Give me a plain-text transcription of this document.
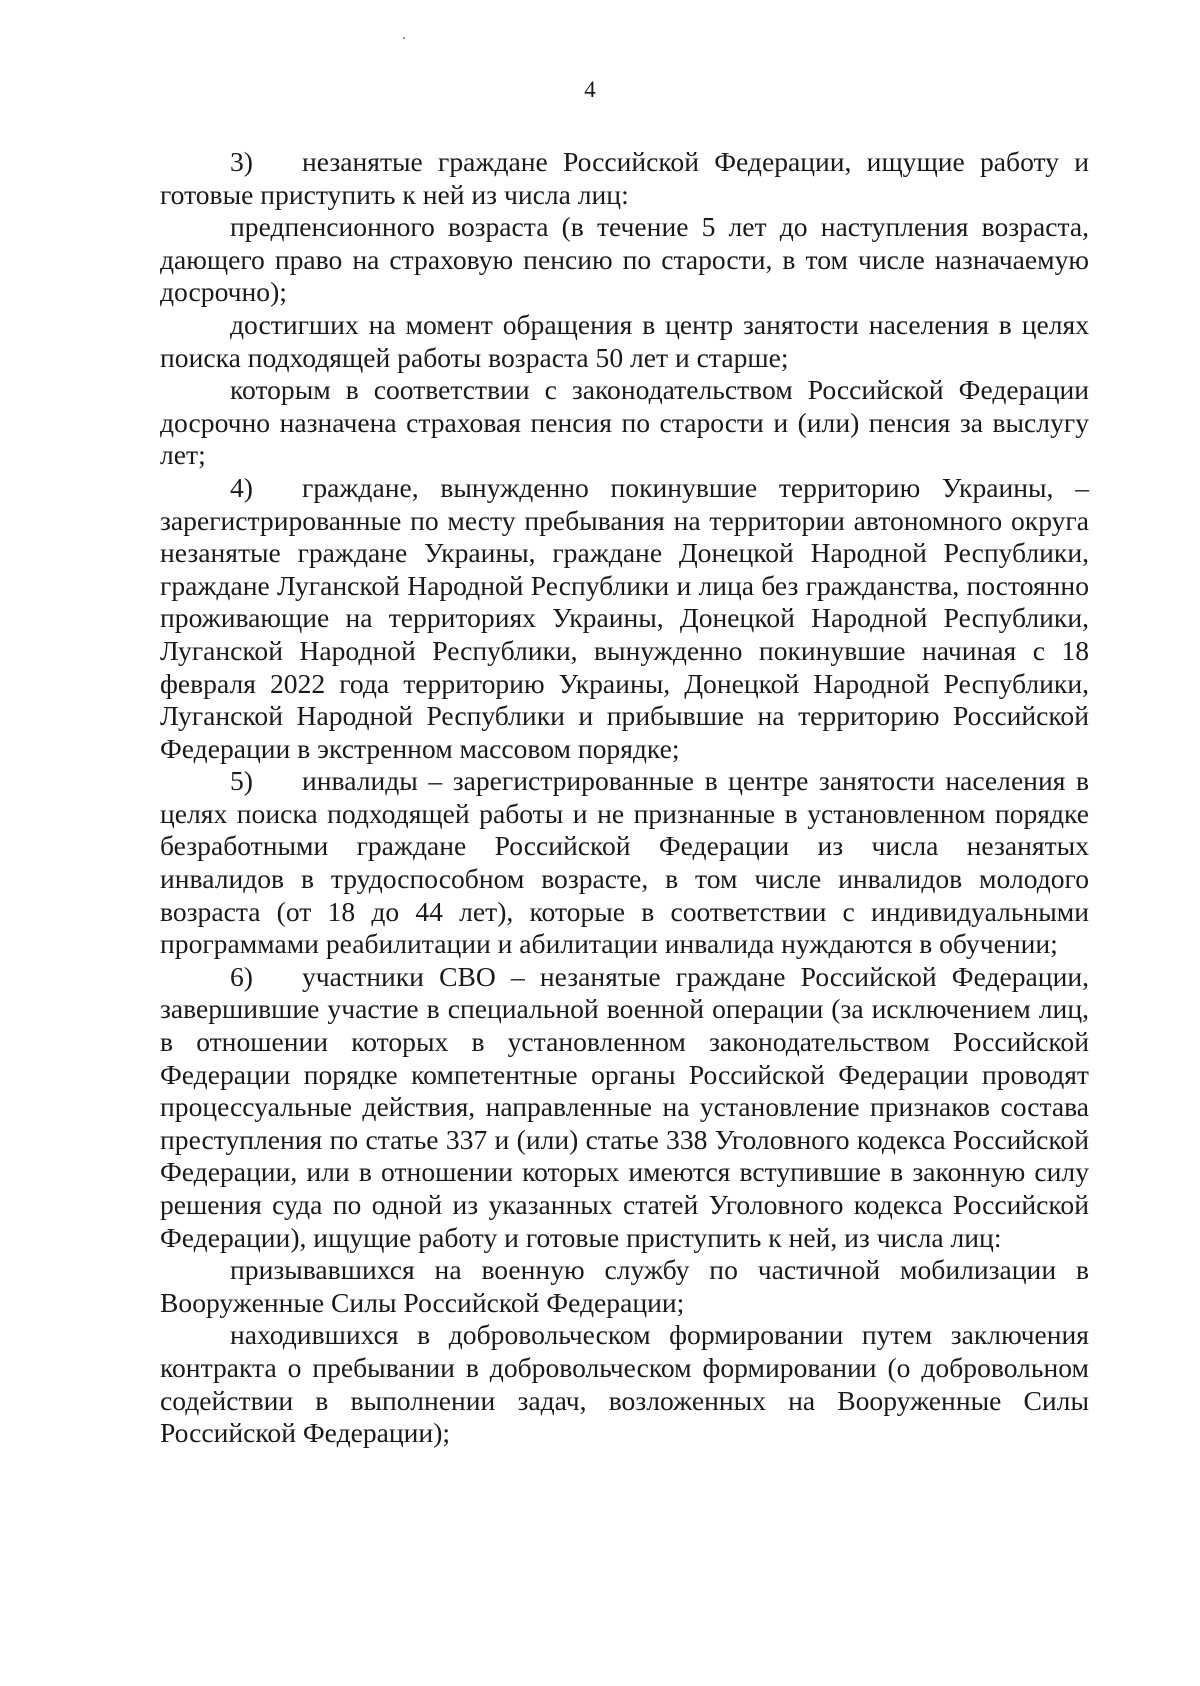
4

3) незанятые граждане Российской Федерации, ищущие работу и готовые приступить к ней из числа лиц:

предпенсионного возраста (в течение 5 лет до наступления возраста, дающего право на страховую пенсию по старости, в том числе назначаемую досрочно);

достигших на момент обращения в центр занятости населения в целях поиска подходящей работы возраста 50 лет и старше;

которым в соответствии с законодательством Российской Федерации досрочно назначена страховая пенсия по старости и (или) пенсия за выслугу лет;

4) граждане, вынужденно покинувшие территорию Украины, – зарегистрированные по месту пребывания на территории автономного округа незанятые граждане Украины, граждане Донецкой Народной Республики, граждане Луганской Народной Республики и лица без гражданства, постоянно проживающие на территориях Украины, Донецкой Народной Республики, Луганской Народной Республики, вынужденно покинувшие начиная с 18 февраля 2022 года территорию Украины, Донецкой Народной Республики, Луганской Народной Республики и прибывшие на территорию Российской Федерации в экстренном массовом порядке;

5) инвалиды – зарегистрированные в центре занятости населения в целях поиска подходящей работы и не признанные в установленном порядке безработными граждане Российской Федерации из числа незанятых инвалидов в трудоспособном возрасте, в том числе инвалидов молодого возраста (от 18 до 44 лет), которые в соответствии с индивидуальными программами реабилитации и абилитации инвалида нуждаются в обучении;

6) участники СВО – незанятые граждане Российской Федерации, завершившие участие в специальной военной операции (за исключением лиц, в отношении которых в установленном законодательством Российской Федерации порядке компетентные органы Российской Федерации проводят процессуальные действия, направленные на установление признаков состава преступления по статье 337 и (или) статье 338 Уголовного кодекса Российской Федерации, или в отношении которых имеются вступившие в законную силу решения суда по одной из указанных статей Уголовного кодекса Российской Федерации), ищущие работу и готовые приступить к ней, из числа лиц:

призывавшихся на военную службу по частичной мобилизации в Вооруженные Силы Российской Федерации;

находившихся в добровольческом формировании путем заключения контракта о пребывании в добровольческом формировании (о добровольном содействии в выполнении задач, возложенных на Вооруженные Силы Российской Федерации);
